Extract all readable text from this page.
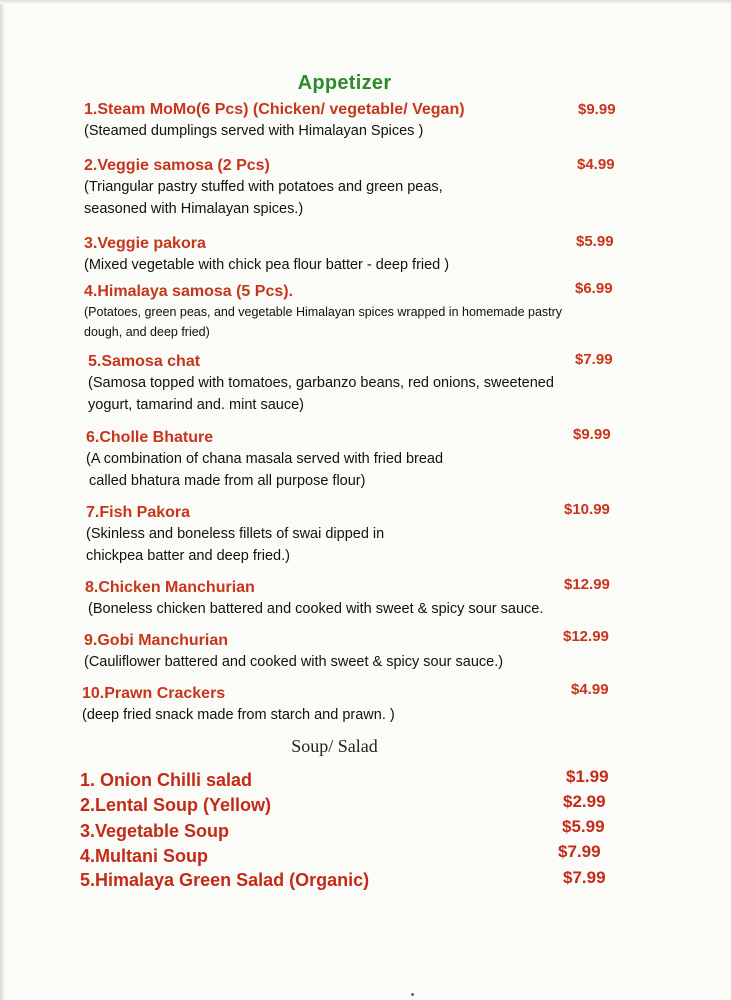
Appetizer
1.Steam MoMo(6 Pcs) (Chicken/ vegetable/ Vegan)
(Steamed dumplings served with Himalayan Spices )
$9.99
2.Veggie samosa (2 Pcs)
(Triangular pastry stuffed with potatoes and green peas,
seasoned with Himalayan spices.)
$4.99
3.Veggie pakora
(Mixed vegetable with chick pea flour batter - deep fried )
$5.99
4.Himalaya samosa (5 Pcs).
(Potatoes, green peas, and vegetable Himalayan spices wrapped in homemade pastry
dough, and deep fried)
$6.99
5.Samosa chat
(Samosa topped with tomatoes, garbanzo beans, red onions, sweetened
yogurt, tamarind and. mint sauce)
$7.99
6.Cholle Bhature
(A combination of chana masala served with fried bread
called bhatura made from all purpose flour)
$9.99
7.Fish Pakora
(Skinless and boneless fillets of swai dipped in
chickpea batter and deep fried.)
$10.99
8.Chicken Manchurian
(Boneless chicken battered and cooked with sweet & spicy sour sauce.
$12.99
9.Gobi Manchurian
(Cauliflower battered and cooked with sweet & spicy sour sauce.)
$12.99
10.Prawn Crackers
(deep fried snack made from starch and prawn. )
$4.99
Soup/ Salad
1. Onion Chilli salad	$1.99
2.Lental Soup (Yellow)	$2.99
3.Vegetable Soup	$5.99
4.Multani Soup	$7.99
5.Himalaya Green Salad (Organic)	$7.99
